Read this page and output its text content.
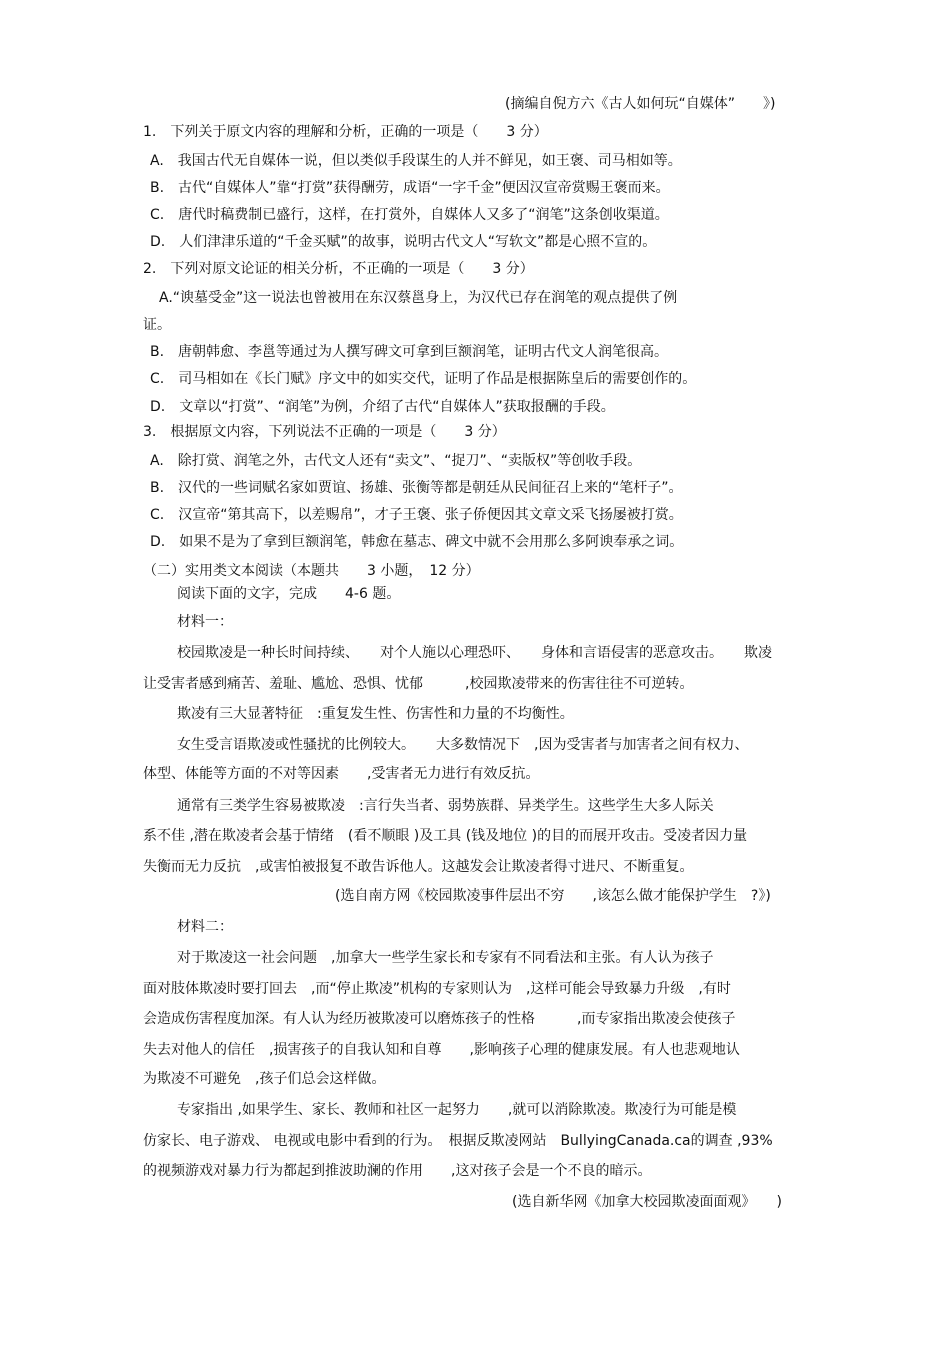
(摘编自倪方六《古人如何玩“自媒体”　　》)
1.　下列关于原文内容的理解和分析，正确的一项是（　　3 分）
A.　我国古代无自媒体一说，但以类似手段谋生的人并不鲜见，如王褒、司马相如等。
B.　古代“自媒体人”靠“打赏”获得酬劳，成语“一字千金”便因汉宣帝赏赐王褒而来。
C.　唐代时稿费制已盛行，这样，在打赏外，自媒体人又多了“润笔”这条创收渠道。
D.　人们津津乐道的“千金买赋”的故事，说明古代文人“写软文”都是心照不宣的。
2.　下列对原文论证的相关分析，不正确的一项是（　　3 分）
A.“谀墓受金”这一说法也曾被用在东汉蔡邕身上，为汉代已存在润笔的观点提供了例
证。
B.　唐朝韩愈、李邕等通过为人撰写碑文可拿到巨额润笔，证明古代文人润笔很高。
C.　司马相如在《长门赋》序文中的如实交代，证明了作品是根据陈皇后的需要创作的。
D.　文章以“打赏”、“润笔”为例，介绍了古代“自媒体人”获取报酬的手段。
3.　根据原文内容，下列说法不正确的一项是（　　3 分）
A.　除打赏、润笔之外，古代文人还有“卖文”、“捉刀”、“卖版权”等创收手段。
B.　汉代的一些词赋名家如贾谊、扬雄、张衡等都是朝廷从民间征召上来的“笔杆子”。
C.　汉宣帝“第其高下，以差赐帛”，才子王褒、张子侨便因其文章文采飞扬屡被打赏。
D.　如果不是为了拿到巨额润笔，韩愈在墓志、碑文中就不会用那么多阿谀奉承之词。
（二）实用类文本阅读（本题共　　3 小题，　12 分）
阅读下面的文字，完成　　4-6 题。
材料一：
校园欺凌是一种长时间持续、　　对个人施以心理恐吓、　　身体和言语侵害的恶意攻击。　　欺凌
让受害者感到痛苦、羞耻、尴尬、恐惧、忧郁　　　,校园欺凌带来的伤害往往不可逆转。
欺凌有三大显著特征　:重复发生性、伤害性和力量的不均衡性。
女生受言语欺凌或性骚扰的比例较大。　　大多数情况下　,因为受害者与加害者之间有权力、
体型、体能等方面的不对等因素　　,受害者无力进行有效反抗。
通常有三类学生容易被欺凌　:言行失当者、弱势族群、异类学生。这些学生大多人际关
系不佳 ,潜在欺凌者会基于情绪　(看不顺眼 )及工具 (钱及地位 )的目的而展开攻击。受凌者因力量
失衡而无力反抗　,或害怕被报复不敢告诉他人。这越发会让欺凌者得寸进尺、不断重复。
(选自南方网《校园欺凌事件层出不穷　　,该怎么做才能保护学生　?》)
材料二：
对于欺凌这一社会问题　,加拿大一些学生家长和专家有不同看法和主张。有人认为孩子
面对肢体欺凌时要打回去　,而“停止欺凌”机构的专家则认为　,这样可能会导致暴力升级　,有时
会造成伤害程度加深。有人认为经历被欺凌可以磨炼孩子的性格　　　,而专家指出欺凌会使孩子
失去对他人的信任　,损害孩子的自我认知和自尊　　,影响孩子心理的健康发展。有人也悲观地认
为欺凌不可避免　,孩子们总会这样做。
专家指出 ,如果学生、家长、教师和社区一起努力　　,就可以消除欺凌。欺凌行为可能是模
仿家长、电子游戏、 电视或电影中看到的行为。　根据反欺凌网站　BullyingCanada.ca的调查 ,93%
的视频游戏对暴力行为都起到推波助澜的作用　　,这对孩子会是一个不良的暗示。
(选自新华网《加拿大校园欺凌面面观》　　)
